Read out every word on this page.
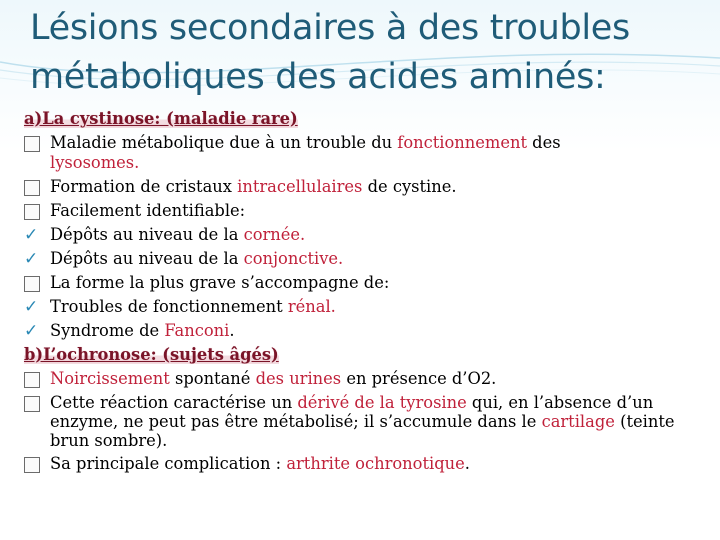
Lésions secondaires à des troubles métaboliques des acides aminés:
a)La cystinose: (maladie rare)
Maladie métabolique due à un trouble du fonctionnement des
lysosomes.
Formation de cristaux intracellulaires de cystine.
Facilement identifiable:
✓ Dépôts au niveau de la cornée.
✓ Dépôts au niveau de la conjonctive.
La forme la plus grave s’accompagne de:
✓ Troubles de fonctionnement rénal.
✓ Syndrome de Fanconi.
b)L’ochronose: (sujets âgés)
Noircissement spontané des urines en présence d’O2.
Cette réaction caractérise un dérivé de la tyrosine qui, en l’absence d’un enzyme, ne peut pas être métabolisé; il s’accumule dans le cartilage (teinte brun sombre).
Sa principale complication : arthrite ochronotique.
